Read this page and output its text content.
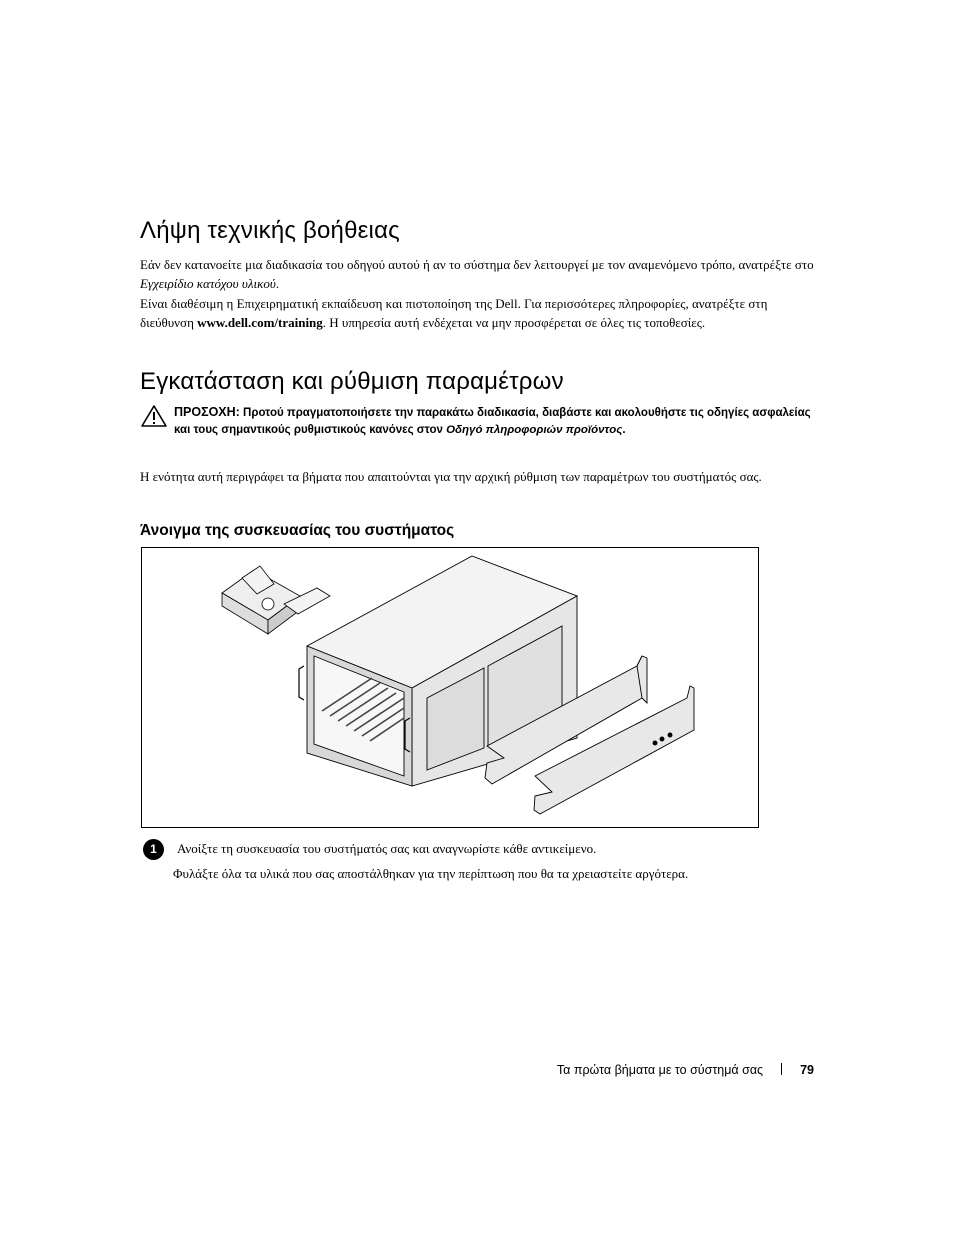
Λήψη τεχνικής βοήθειας

Εάν δεν κατανοείτε μια διαδικασία του οδηγού αυτού ή αν το σύστημα δεν λειτουργεί με τον αναμενόμενο τρόπο, ανατρέξτε στο Εγχειρίδιο κατόχου υλικού.

Είναι διαθέσιμη η Επιχειρηματική εκπαίδευση και πιστοποίηση της Dell. Για περισσότερες πληροφορίες, ανατρέξτε στη διεύθυνση www.dell.com/training. Η υπηρεσία αυτή ενδέχεται να μην προσφέρεται σε όλες τις τοποθεσίες.

Εγκατάσταση και ρύθμιση παραμέτρων
ΠΡΟΣΟΧΗ: Προτού πραγματοποιήσετε την παρακάτω διαδικασία, διαβάστε και ακολουθήστε τις οδηγίες ασφαλείας και τους σημαντικούς ρυθμιστικούς κανόνες στον Οδηγό πληροφοριών προϊόντος.

Η ενότητα αυτή περιγράφει τα βήματα που απαιτούνται για την αρχική ρύθμιση των παραμέτρων του συστήματός σας.

Άνοιγμα της συσκευασίας του συστήματος
1	Ανοίξτε τη συσκευασία του συστήματός σας και αναγνωρίστε κάθε αντικείμενο.

Φυλάξτε όλα τα υλικά που σας αποστάλθηκαν για την περίπτωση που θα τα χρειαστείτε αργότερα.

Τα πρώτα βήματα με το σύστημά σας	79
